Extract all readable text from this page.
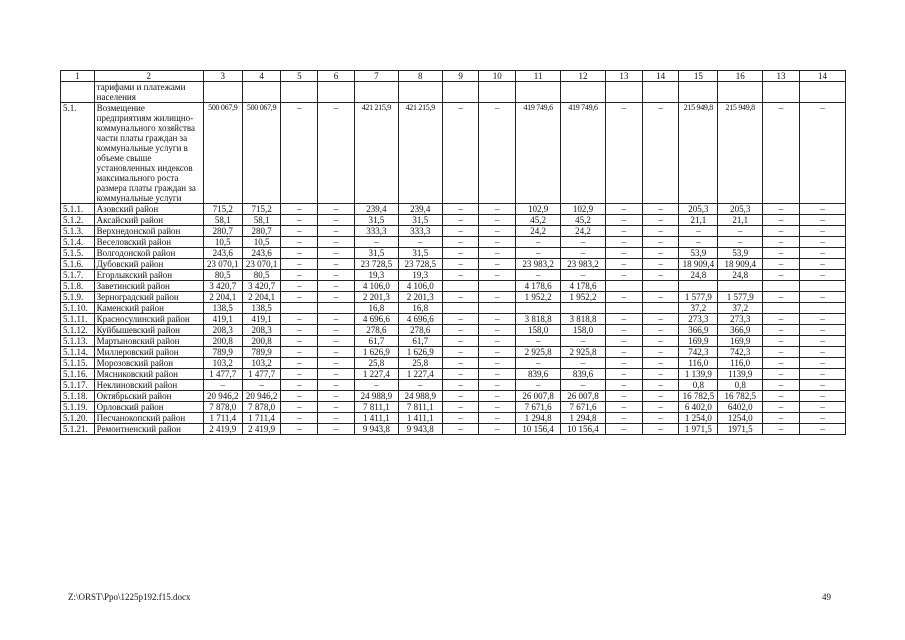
1	2	3	4	5	6	7	8	9	10	11	12	13	14	15	16	13	14
	тарифами и платежами населения																
5.1.	Возмещение предприятиям жилищно-коммунального хозяйства части платы граждан за коммунальные услуги в объеме свыше установленных индексов максимального роста размера платы граждан за коммунальные услуги	500 067,9	500 067,9	–	–	421 215,9	421 215,9	–	–	419 749,6	419 749,6	–	–	215 949,8	215 949,8	–	–
5.1.1.	Азовский район	715,2	715,2	–	–	239,4	239,4	–	–	102,9	102,9	–	–	205,3	205,3	–	–
5.1.2.	Аксайский район	58,1	58,1	–	–	31,5	31,5	–	–	45,2	45,2	–	–	21,1	21,1	–	–
5.1.3.	Верхнедонской район	280,7	280,7	–	–	333,3	333,3	–	–	24,2	24,2	–	–	–	–	–	–
5.1.4.	Веселовский район	10,5	10,5	–	–	–	–	–	–	–	–	–	–	–	–	–	–
5.1.5.	Волгодонской район	243,6	243,6	–	–	31,5	31,5	–	–	–	–	–	–	53,9	53,9	–	–
5.1.6.	Дубовский район	23 070,1	23 070,1	–	–	23 728,5	23 728,5	–	–	23 983,2	23 983,2	–	–	18 909,4	18 909,4	–	–
5.1.7.	Егорлыкский район	80,5	80,5	–	–	19,3	19,3	–	–	–	–	–	–	24,8	24,8	–	–
5.1.8.	Заветинский район	3 420,7	3 420,7	–	–	4 106,0	4 106,0			4 178,6	4 178,6						
5.1.9.	Зерноградский район	2 204,1	2 204,1	–	–	2 201,3	2 201,3	–	–	1 952,2	1 952,2	–	–	1 577,9	1 577,9	–	–
5.1.10.	Каменский район	138,5	138,5			16,8	16,8							37,2	37,2		
5.1.11.	Красносулинский район	419,1	419,1	–	–	4 696,6	4 696,6	–	–	3 818,8	3 818,8	–	–	273,3	273,3	–	–
5.1.12.	Куйбышевский район	208,3	208,3	–	–	278,6	278,6	–	–	158,0	158,0	–	–	366,9	366,9	–	–
5.1.13.	Мартыновский район	200,8	200,8	–	–	61,7	61,7	–	–	–	–	–	–	169,9	169,9	–	–
5.1.14.	Миллеровский район	789,9	789,9	–	–	1 626,9	1 626,9	–	–	2 925,8	2 925,8	–	–	742,3	742,3	–	–
5.1.15.	Морозовский район	103,2	103,2	–	–	25,8	25,8	–	–	–	–	–	–	116,0	116,0	–	–
5.1.16.	Мясниковский район	1 477,7	1 477,7	–	–	1 227,4	1 227,4	–	–	839,6	839,6	–	–	1 139,9	1139,9	–	–
5.1.17.	Неклиновский район	–	–	–	–	–	–	–	–	–	–	–	–	0,8	0,8	–	–
5.1.18.	Октябрьский район	20 946,2	20 946,2	–	–	24 988,9	24 988,9	–	–	26 007,8	26 007,8	–	–	16 782,5	16 782,5	–	–
5.1.19.	Орловский район	7 878,0	7 878,0	–	–	7 811,1	7 811,1	–	–	7 671,6	7 671,6	–	–	6 402,0	6402,0	–	–
5.1.20.	Песчанокопский район	1 711,4	1 711,4	–	–	1 411,1	1 411,1	–	–	1 294,8	1 294,8	–	–	1 254,0	1254,0	–	–
5.1.21.	Ремонтненский район	2 419,9	2 419,9	–	–	9 943,8	9 943,8	–	–	10 156,4	10 156,4	–	–	1 971,5	1971,5	–	–
Z:\ORST\Ppo\1225p192.f15.docx	49
